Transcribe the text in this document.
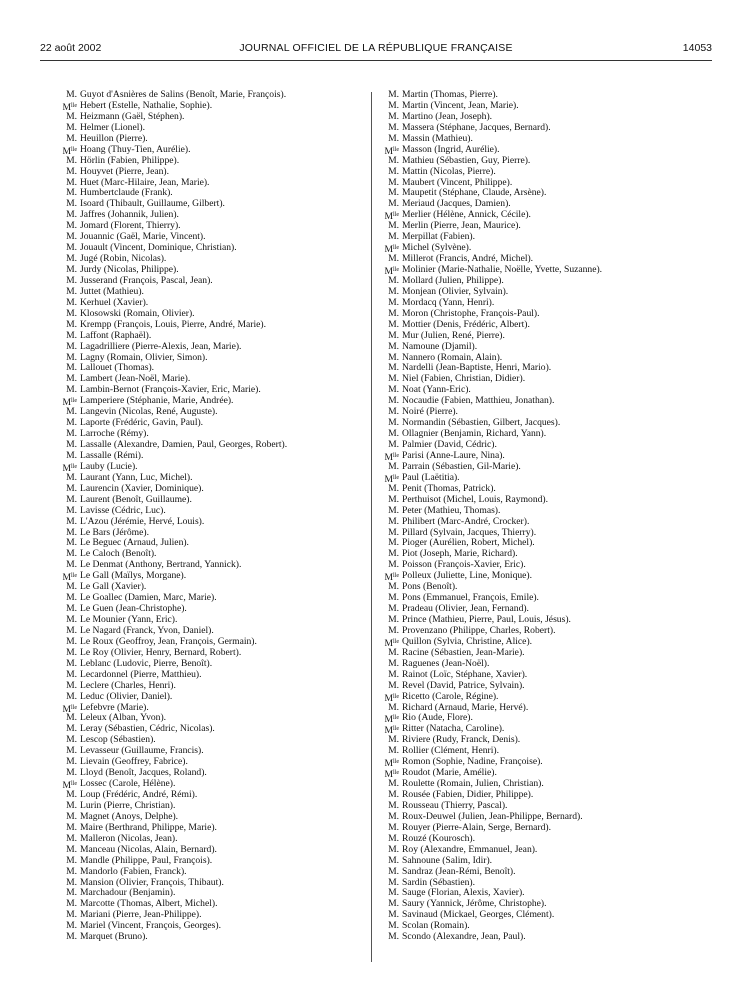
22 août 2002	JOURNAL OFFICIEL DE LA RÉPUBLIQUE FRANÇAISE	14053
M. Guyot d'Asnières de Salins (Benoît, Marie, François).
$M^{lle}$ Hebert (Estelle, Nathalie, Sophie).
M. Heizmann (Gaël, Stéphen).
M. Helmer (Lionel).
M. Heuillon (Pierre).
$M^{lle}$ Hoang (Thuy-Tien, Aurélie).
M. Hörlin (Fabien, Philippe).
M. Houyvet (Pierre, Jean).
M. Huet (Marc-Hilaire, Jean, Marie).
M. Humbertclaude (Frank).
M. Isoard (Thibault, Guillaume, Gilbert).
M. Jaffres (Johannik, Julien).
M. Jomard (Florent, Thierry).
M. Jouannic (Gaël, Marie, Vincent).
M. Jouault (Vincent, Dominique, Christian).
M. Jugé (Robin, Nicolas).
M. Jurdy (Nicolas, Philippe).
M. Jusserand (François, Pascal, Jean).
M. Juttet (Mathieu).
M. Kerhuel (Xavier).
M. Klosowski (Romain, Olivier).
M. Krempp (François, Louis, Pierre, André, Marie).
M. Laffont (Raphaël).
M. Lagadrilliere (Pierre-Alexis, Jean, Marie).
M. Lagny (Romain, Olivier, Simon).
M. Lallouet (Thomas).
M. Lambert (Jean-Noël, Marie).
M. Lambin-Bernot (François-Xavier, Eric, Marie).
$M^{lle}$ Lamperiere (Stéphanie, Marie, Andrée).
M. Langevin (Nicolas, René, Auguste).
M. Laporte (Frédéric, Gavin, Paul).
M. Larroche (Rémy).
M. Lassalle (Alexandre, Damien, Paul, Georges, Robert).
M. Lassalle (Rémi).
$M^{lle}$ Lauby (Lucie).
M. Laurant (Yann, Luc, Michel).
M. Laurencin (Xavier, Dominique).
M. Laurent (Benoît, Guillaume).
M. Lavisse (Cédric, Luc).
M. L'Azou (Jérémie, Hervé, Louis).
M. Le Bars (Jérôme).
M. Le Beguec (Arnaud, Julien).
M. Le Caloch (Benoît).
M. Le Denmat (Anthony, Bertrand, Yannick).
$M^{lle}$ Le Gall (Maïlys, Morgane).
M. Le Gall (Xavier).
M. Le Goallec (Damien, Marc, Marie).
M. Le Guen (Jean-Christophe).
M. Le Mounier (Yann, Eric).
M. Le Nagard (Franck, Yvon, Daniel).
M. Le Roux (Geoffroy, Jean, François, Germain).
M. Le Roy (Olivier, Henry, Bernard, Robert).
M. Leblanc (Ludovic, Pierre, Benoît).
M. Lecardonnel (Pierre, Matthieu).
M. Leclere (Charles, Henri).
M. Leduc (Olivier, Daniel).
$M^{lle}$ Lefebvre (Marie).
M. Leleux (Alban, Yvon).
M. Leray (Sébastien, Cédric, Nicolas).
M. Lescop (Sébastien).
M. Levasseur (Guillaume, Francis).
M. Lievain (Geoffrey, Fabrice).
M. Lloyd (Benoît, Jacques, Roland).
$M^{lle}$ Lossec (Carole, Hélène).
M. Loup (Frédéric, André, Rémi).
M. Lurin (Pierre, Christian).
M. Magnet (Anoys, Delphe).
M. Maire (Berthrand, Philippe, Marie).
M. Malleron (Nicolas, Jean).
M. Manceau (Nicolas, Alain, Bernard).
M. Mandle (Philippe, Paul, François).
M. Mandorlo (Fabien, Franck).
M. Mansion (Olivier, François, Thibaut).
M. Marchadour (Benjamin).
M. Marcotte (Thomas, Albert, Michel).
M. Mariani (Pierre, Jean-Philippe).
M. Mariel (Vincent, François, Georges).
M. Marquet (Bruno).
M. Martin (Thomas, Pierre).
M. Martin (Vincent, Jean, Marie).
M. Martino (Jean, Joseph).
M. Massera (Stéphane, Jacques, Bernard).
M. Massin (Mathieu).
$M^{lle}$ Masson (Ingrid, Aurélie).
M. Mathieu (Sébastien, Guy, Pierre).
M. Mattin (Nicolas, Pierre).
M. Maubert (Vincent, Philippe).
M. Maupetit (Stéphane, Claude, Arsène).
M. Meriaud (Jacques, Damien).
$M^{lle}$ Merlier (Hélène, Annick, Cécile).
M. Merlin (Pierre, Jean, Maurice).
M. Merpillat (Fabien).
$M^{lle}$ Michel (Sylvène).
M. Millerot (Francis, André, Michel).
$M^{lle}$ Molinier (Marie-Nathalie, Noëlle, Yvette, Suzanne).
M. Mollard (Julien, Philippe).
M. Monjean (Olivier, Sylvain).
M. Mordacq (Yann, Henri).
M. Moron (Christophe, François-Paul).
M. Mottier (Denis, Frédéric, Albert).
M. Mur (Julien, René, Pierre).
M. Namoune (Djamil).
M. Nannero (Romain, Alain).
M. Nardelli (Jean-Baptiste, Henri, Mario).
M. Niel (Fabien, Christian, Didier).
M. Noat (Yann-Eric).
M. Nocaudie (Fabien, Matthieu, Jonathan).
M. Noiré (Pierre).
M. Normandin (Sébastien, Gilbert, Jacques).
M. Ollagnier (Benjamin, Richard, Yann).
M. Palmier (David, Cédric).
$M^{lle}$ Parisi (Anne-Laure, Nina).
M. Parrain (Sébastien, Gil-Marie).
$M^{lle}$ Paul (Laëtitia).
M. Penit (Thomas, Patrick).
M. Perthuisot (Michel, Louis, Raymond).
M. Peter (Mathieu, Thomas).
M. Philibert (Marc-André, Crocker).
M. Pillard (Sylvain, Jacques, Thierry).
M. Pioger (Aurélien, Robert, Michel).
M. Piot (Joseph, Marie, Richard).
M. Poisson (François-Xavier, Eric).
$M^{lle}$ Polleux (Juliette, Line, Monique).
M. Pons (Benoît).
M. Pons (Emmanuel, François, Emile).
M. Pradeau (Olivier, Jean, Fernand).
M. Prince (Mathieu, Pierre, Paul, Louis, Jésus).
M. Provenzano (Philippe, Charles, Robert).
$M^{lle}$ Quillon (Sylvia, Christine, Alice).
M. Racine (Sébastien, Jean-Marie).
M. Raguenes (Jean-Noël).
M. Rainot (Loïc, Stéphane, Xavier).
M. Revel (David, Patrice, Sylvain).
$M^{lle}$ Ricetto (Carole, Régine).
M. Richard (Arnaud, Marie, Hervé).
$M^{lle}$ Rio (Aude, Flore).
$M^{lle}$ Ritter (Natacha, Caroline).
M. Riviere (Rudy, Franck, Denis).
M. Rollier (Clément, Henri).
$M^{lle}$ Romon (Sophie, Nadine, Françoise).
$M^{lle}$ Roudot (Marie, Amélie).
M. Roulette (Romain, Julien, Christian).
M. Rousée (Fabien, Didier, Philippe).
M. Rousseau (Thierry, Pascal).
M. Roux-Deuwel (Julien, Jean-Philippe, Bernard).
M. Rouyer (Pierre-Alain, Serge, Bernard).
M. Rouzé (Kourosch).
M. Roy (Alexandre, Emmanuel, Jean).
M. Sahnoune (Salim, Idir).
M. Sandraz (Jean-Rémi, Benoît).
M. Sardin (Sébastien).
M. Sauge (Florian, Alexis, Xavier).
M. Saury (Yannick, Jérôme, Christophe).
M. Savinaud (Mickael, Georges, Clément).
M. Scolan (Romain).
M. Scondo (Alexandre, Jean, Paul).
